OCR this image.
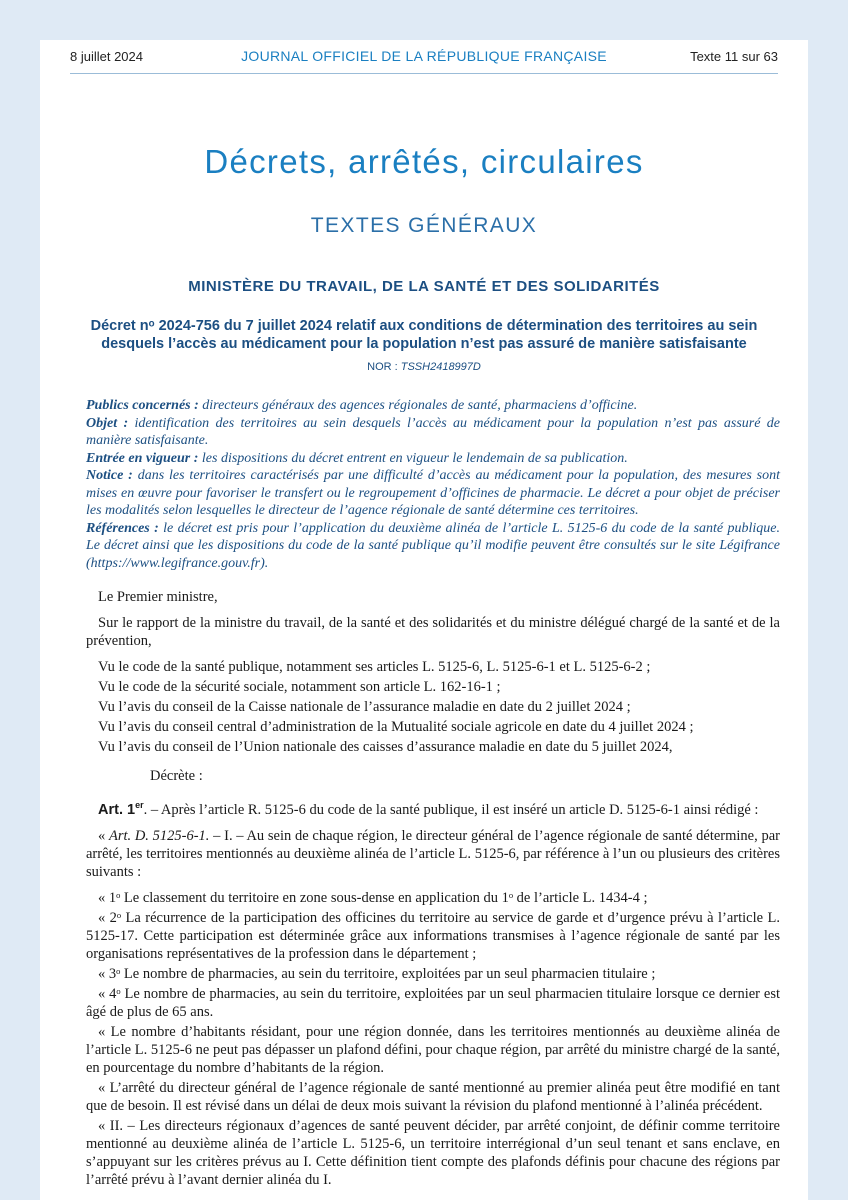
8 juillet 2024	JOURNAL OFFICIEL DE LA RÉPUBLIQUE FRANÇAISE	Texte 11 sur 63
Décrets, arrêtés, circulaires
TEXTES GÉNÉRAUX
MINISTÈRE DU TRAVAIL, DE LA SANTÉ ET DES SOLIDARITÉS
Décret nᵒ 2024-756 du 7 juillet 2024 relatif aux conditions de détermination des territoires au sein
desquels l’accès au médicament pour la population n’est pas assuré de manière satisfaisante
NOR : TSSH2418997D

Publics concernés : directeurs généraux des agences régionales de santé, pharmaciens d’officine.

Objet : identification des territoires au sein desquels l’accès au médicament pour la population n’est pas assuré de manière satisfaisante.

Entrée en vigueur : les dispositions du décret entrent en vigueur le lendemain de sa publication.

Notice : dans les territoires caractérisés par une difficulté d’accès au médicament pour la population, des mesures sont mises en œuvre pour favoriser le transfert ou le regroupement d’officines de pharmacie. Le décret a pour objet de préciser les modalités selon lesquelles le directeur de l’agence régionale de santé détermine ces territoires.

Références : le décret est pris pour l’application du deuxième alinéa de l’article L. 5125-6 du code de la santé publique. Le décret ainsi que les dispositions du code de la santé publique qu’il modifie peuvent être consultés sur le site Légifrance (https://www.legifrance.gouv.fr).

Le Premier ministre,

Sur le rapport de la ministre du travail, de la santé et des solidarités et du ministre délégué chargé de la santé et de la prévention,

Vu le code de la santé publique, notamment ses articles L. 5125-6, L. 5125-6-1 et L. 5125-6-2 ;

Vu le code de la sécurité sociale, notamment son article L. 162-16-1 ;

Vu l’avis du conseil de la Caisse nationale de l’assurance maladie en date du 2 juillet 2024 ;

Vu l’avis du conseil central d’administration de la Mutualité sociale agricole en date du 4 juillet 2024 ;

Vu l’avis du conseil de l’Union nationale des caisses d’assurance maladie en date du 5 juillet 2024,

Décrète :

Art. 1er. – Après l’article R. 5125-6 du code de la santé publique, il est inséré un article D. 5125-6-1 ainsi rédigé :

« Art. D. 5125-6-1. – I. – Au sein de chaque région, le directeur général de l’agence régionale de santé détermine, par arrêté, les territoires mentionnés au deuxième alinéa de l’article L. 5125-6, par référence à l’un ou plusieurs des critères suivants :

« 1ᵒ Le classement du territoire en zone sous-dense en application du 1ᵒ de l’article L. 1434-4 ;

« 2ᵒ La récurrence de la participation des officines du territoire au service de garde et d’urgence prévu à l’article L. 5125-17. Cette participation est déterminée grâce aux informations transmises à l’agence régionale de santé par les organisations représentatives de la profession dans le département ;

« 3ᵒ Le nombre de pharmacies, au sein du territoire, exploitées par un seul pharmacien titulaire ;

« 4ᵒ Le nombre de pharmacies, au sein du territoire, exploitées par un seul pharmacien titulaire lorsque ce dernier est âgé de plus de 65 ans.

« Le nombre d’habitants résidant, pour une région donnée, dans les territoires mentionnés au deuxième alinéa de l’article L. 5125-6 ne peut pas dépasser un plafond défini, pour chaque région, par arrêté du ministre chargé de la santé, en pourcentage du nombre d’habitants de la région.

« L’arrêté du directeur général de l’agence régionale de santé mentionné au premier alinéa peut être modifié en tant que de besoin. Il est révisé dans un délai de deux mois suivant la révision du plafond mentionné à l’alinéa précédent.

« II. – Les directeurs régionaux d’agences de santé peuvent décider, par arrêté conjoint, de définir comme territoire mentionné au deuxième alinéa de l’article L. 5125-6, un territoire interrégional d’un seul tenant et sans enclave, en s’appuyant sur les critères prévus au I. Cette définition tient compte des plafonds définis pour chacune des régions par l’arrêté prévu à l’avant dernier alinéa du I.
